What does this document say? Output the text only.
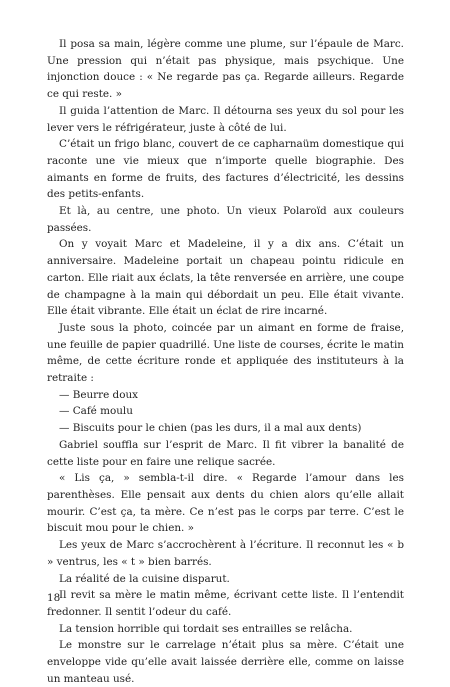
Il posa sa main, légère comme une plume, sur l’épaule de Marc. Une pression qui n’était pas physique, mais psychique. Une injonction douce : « Ne regarde pas ça. Regarde ailleurs. Regarde ce qui reste. »

Il guida l’attention de Marc. Il détourna ses yeux du sol pour les lever vers le réfrigérateur, juste à côté de lui.

C’était un frigo blanc, couvert de ce capharnaüm domestique qui raconte une vie mieux que n’importe quelle biographie. Des aimants en forme de fruits, des factures d’électricité, les dessins des petits-enfants.

Et là, au centre, une photo. Un vieux Polaroïd aux couleurs passées.

On y voyait Marc et Madeleine, il y a dix ans. C’était un anniversaire. Madeleine portait un chapeau pointu ridicule en carton. Elle riait aux éclats, la tête renversée en arrière, une coupe de champagne à la main qui débordait un peu. Elle était vivante. Elle était vibrante. Elle était un éclat de rire incarné.

Juste sous la photo, coincée par un aimant en forme de fraise, une feuille de papier quadrillé. Une liste de courses, écrite le matin même, de cette écriture ronde et appliquée des instituteurs à la retraite :

— Beurre doux

— Café moulu

— Biscuits pour le chien (pas les durs, il a mal aux dents)

Gabriel souffla sur l’esprit de Marc. Il fit vibrer la banalité de cette liste pour en faire une relique sacrée.

« Lis ça, » sembla-t-il dire. « Regarde l’amour dans les parenthèses. Elle pensait aux dents du chien alors qu’elle allait mourir. C’est ça, ta mère. Ce n’est pas le corps par terre. C’est le biscuit mou pour le chien. »

Les yeux de Marc s’accrochèrent à l’écriture. Il reconnut les « b » ventrus, les « t » bien barrés.

La réalité de la cuisine disparut.

Il revit sa mère le matin même, écrivant cette liste. Il l’entendit fredonner. Il sentit l’odeur du café.

La tension horrible qui tordait ses entrailles se relâcha.

Le monstre sur le carrelage n’était plus sa mère. C’était une enveloppe vide qu’elle avait laissée derrière elle, comme on laisse un manteau usé.

18
